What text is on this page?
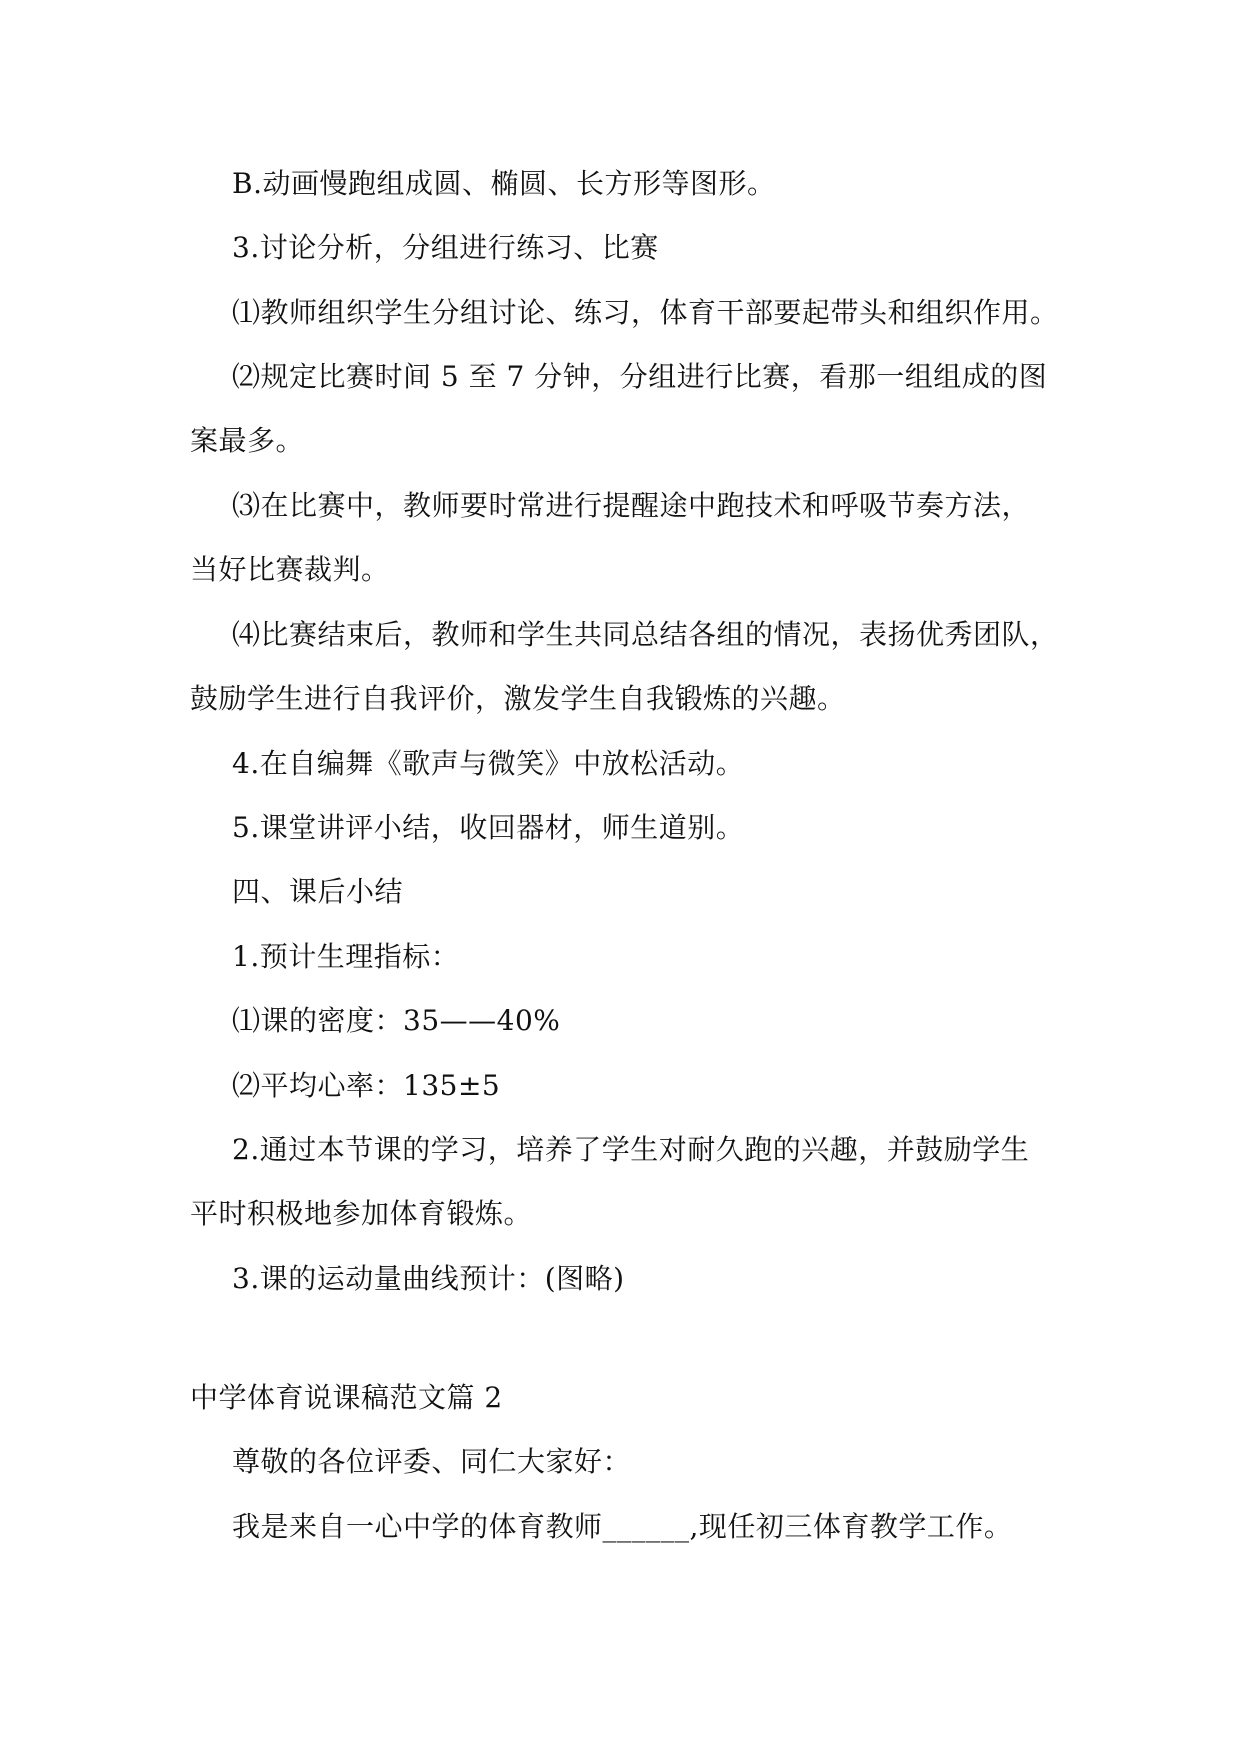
B.动画慢跑组成圆、椭圆、长方形等图形。
3.讨论分析，分组进行练习、比赛
⑴教师组织学生分组讨论、练习，体育干部要起带头和组织作用。
⑵规定比赛时间 5 至 7 分钟，分组进行比赛，看那一组组成的图
案最多。
⑶在比赛中，教师要时常进行提醒途中跑技术和呼吸节奏方法，
当好比赛裁判。
⑷比赛结束后，教师和学生共同总结各组的情况，表扬优秀团队，
鼓励学生进行自我评价，激发学生自我锻炼的兴趣。
4.在自编舞《歌声与微笑》中放松活动。
5.课堂讲评小结，收回器材，师生道别。
四、课后小结
1.预计生理指标：
⑴课的密度：35——40%
⑵平均心率：135±5
2.通过本节课的学习，培养了学生对耐久跑的兴趣，并鼓励学生
平时积极地参加体育锻炼。
3.课的运动量曲线预计：(图略)
中学体育说课稿范文篇 2
尊敬的各位评委、同仁大家好：
我是来自一心中学的体育教师______,现任初三体育教学工作。
